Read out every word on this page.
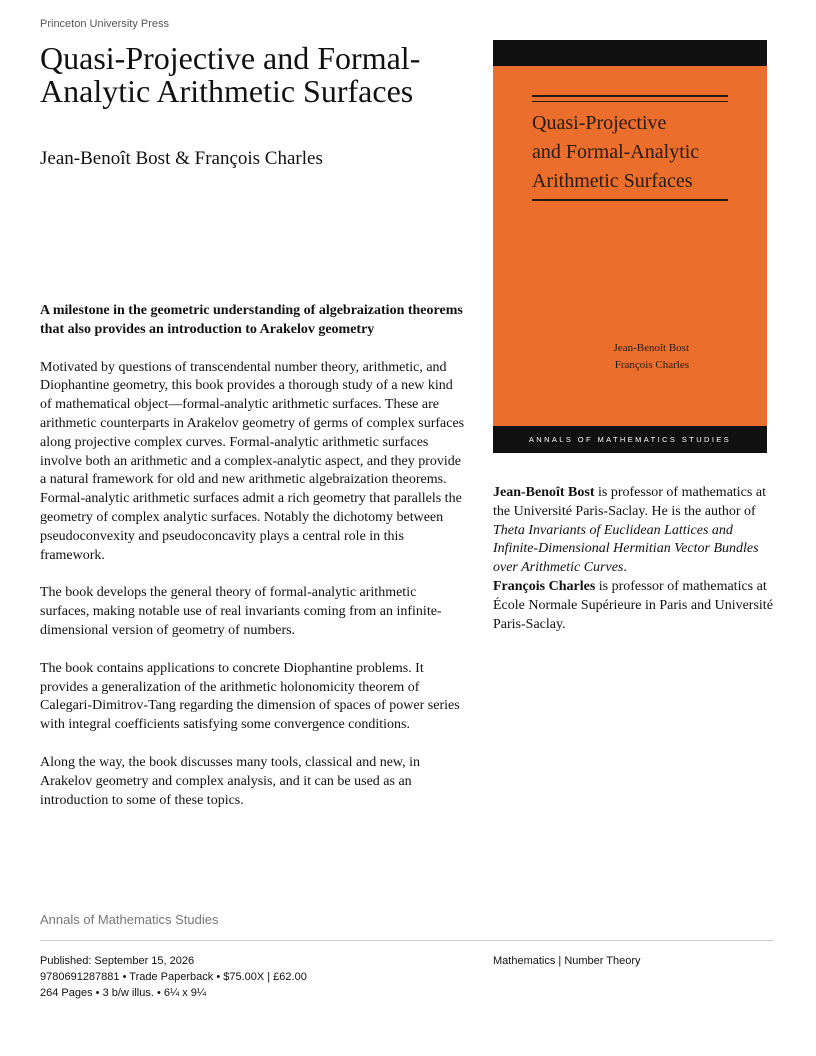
Princeton University Press
Quasi-Projective and Formal-Analytic Arithmetic Surfaces
Jean-Benoît Bost & François Charles

A milestone in the geometric understanding of algebraization theorems that also provides an introduction to Arakelov geometry

Motivated by questions of transcendental number theory, arithmetic, and Diophantine geometry, this book provides a thorough study of a new kind of mathematical object—formal-analytic arithmetic surfaces. These are arithmetic counterparts in Arakelov geometry of germs of complex surfaces along projective complex curves. Formal-analytic arithmetic surfaces involve both an arithmetic and a complex-analytic aspect, and they provide a natural framework for old and new arithmetic algebraization theorems. Formal-analytic arithmetic surfaces admit a rich geometry that parallels the geometry of complex analytic surfaces. Notably the dichotomy between pseudoconvexity and pseudoconcavity plays a central role in this framework.

The book develops the general theory of formal-analytic arithmetic surfaces, making notable use of real invariants coming from an infinite-dimensional version of geometry of numbers.

The book contains applications to concrete Diophantine problems. It provides a generalization of the arithmetic holonomicity theorem of Calegari-Dimitrov-Tang regarding the dimension of spaces of power series with integral coefficients satisfying some convergence conditions.

Along the way, the book discusses many tools, classical and new, in Arakelov geometry and complex analysis, and it can be used as an introduction to some of these topics.

Quasi-Projective
and Formal-Analytic
Arithmetic Surfaces
Jean-Benoît Bost
François Charles
ANNALS OF MATHEMATICS STUDIES

Jean-Benoît Bost is professor of mathematics at the Université Paris-Saclay. He is the author of Theta Invariants of Euclidean Lattices and Infinite-Dimensional Hermitian Vector Bundles over Arithmetic Curves.

François Charles is professor of mathematics at École Normale Supérieure in Paris and Université Paris-Saclay.

Annals of Mathematics Studies
Published: September 15, 2026
9780691287881 • Trade Paperback • $75.00X | £62.00
264 Pages • 3 b/w illus. • 6¼ x 9¼
Mathematics | Number Theory
